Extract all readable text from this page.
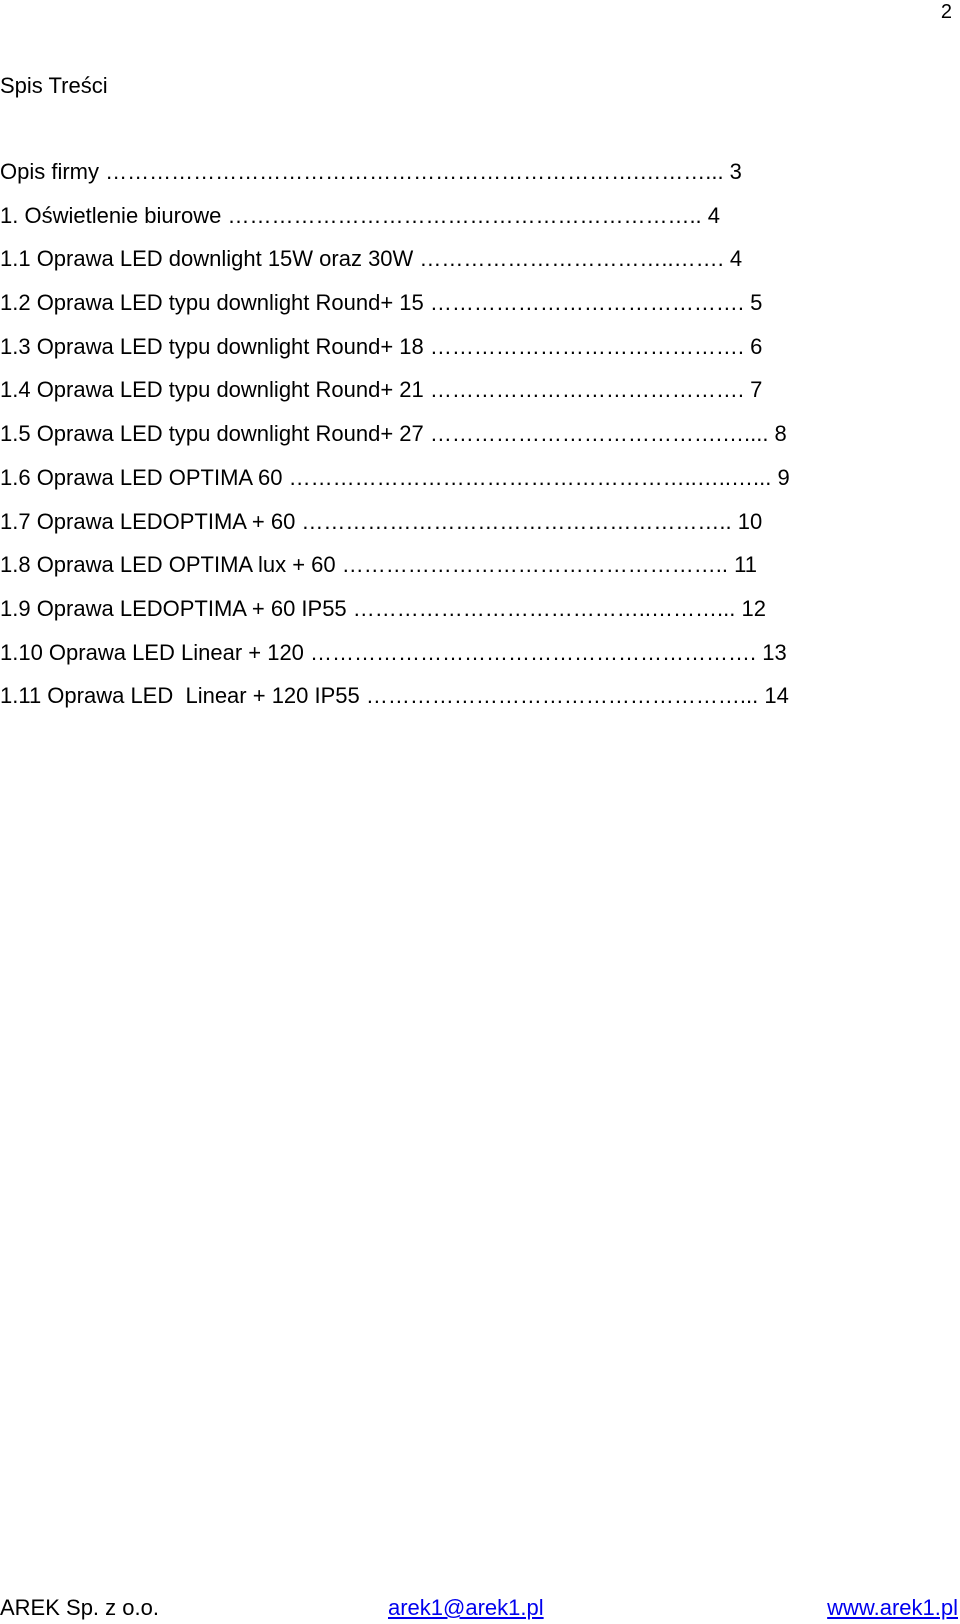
2
Spis Treści
Opis firmy ……………………………………………………………….………... 3
1. Oświetlenie biurowe ……………………………………………………….. 4
1.1 Oprawa LED downlight 15W oraz 30W ……………………………..……. 4
1.2 Oprawa LED typu downlight Round+ 15 ……………………………………. 5
1.3 Oprawa LED typu downlight Round+ 18 ……………………………………. 6
1.4 Oprawa LED typu downlight Round+ 21 ……………………………………. 7
1.5 Oprawa LED typu downlight Round+ 27 ………………………………….….... 8
1.6 Oprawa LED OPTIMA 60 ………………………………………………..…..…... 9
1.7 Oprawa LEDOPTIMA + 60 ………………………………………………….. 10
1.8 Oprawa LED OPTIMA lux + 60 …………………………………………….. 11
1.9 Oprawa LEDOPTIMA + 60 IP55 …………………………………..………... 12
1.10 Oprawa LED Linear + 120 ……………………………………………………. 13
1.11 Oprawa LED  Linear + 120 IP55 ……………………………………………... 14
AREK Sp. z o.o.	arek1@arek1.pl	www.arek1.pl
